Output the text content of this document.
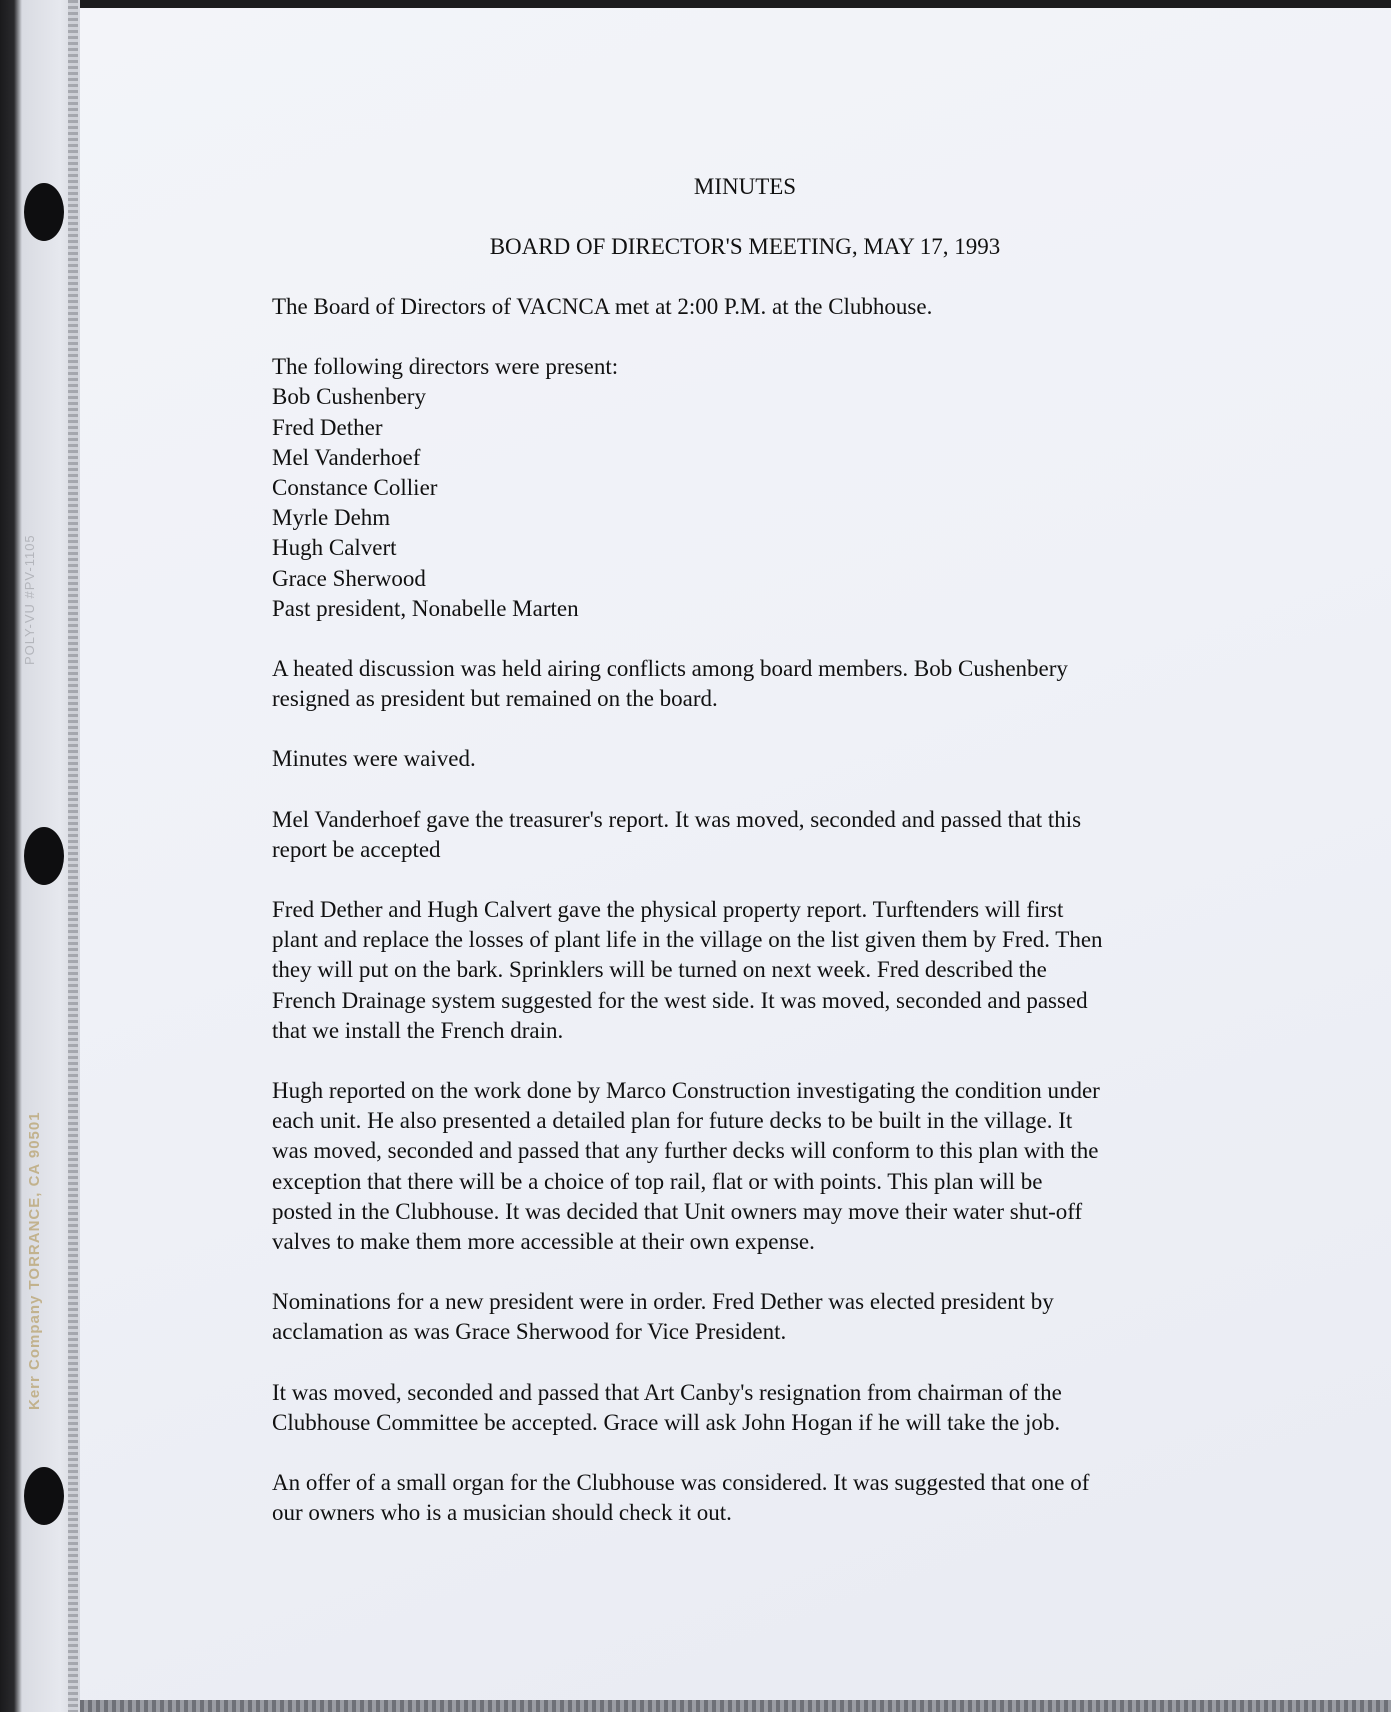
POLY-VU #PV-1105
Kerr Company TORRANCE, CA 90501
MINUTES
BOARD OF DIRECTOR'S MEETING, MAY 17, 1993

The Board of Directors of VACNCA met at 2:00 P.M. at the Clubhouse.

The following directors were present:
Bob Cushenbery
Fred Dether
Mel Vanderhoef
Constance Collier
Myrle Dehm
Hugh Calvert
Grace Sherwood
Past president, Nonabelle Marten

A heated discussion was held airing conflicts among board members. Bob Cushenbery
resigned as president but remained on the board.

Minutes were waived.

Mel Vanderhoef gave the treasurer's report. It was moved, seconded and passed that this
report be accepted

Fred Dether and Hugh Calvert gave the physical property report. Turftenders will first
plant and replace the losses of plant life in the village on the list given them by Fred. Then
they will put on the bark. Sprinklers will be turned on next week. Fred described the
French Drainage system suggested for the west side. It was moved, seconded and passed
that we install the French drain.

Hugh reported on the work done by Marco Construction investigating the condition under
each unit. He also presented a detailed plan for future decks to be built in the village. It
was moved, seconded and passed that any further decks will conform to this plan with the
exception that there will be a choice of top rail, flat or with points. This plan will be
posted in the Clubhouse. It was decided that Unit owners may move their water shut-off
valves to make them more accessible at their own expense.

Nominations for a new president were in order. Fred Dether was elected president by
acclamation as was Grace Sherwood for Vice President.

It was moved, seconded and passed that Art Canby's resignation from chairman of the
Clubhouse Committee be accepted. Grace will ask John Hogan if he will take the job.

An offer of a small organ for the Clubhouse was considered. It was suggested that one of
our owners who is a musician should check it out.
